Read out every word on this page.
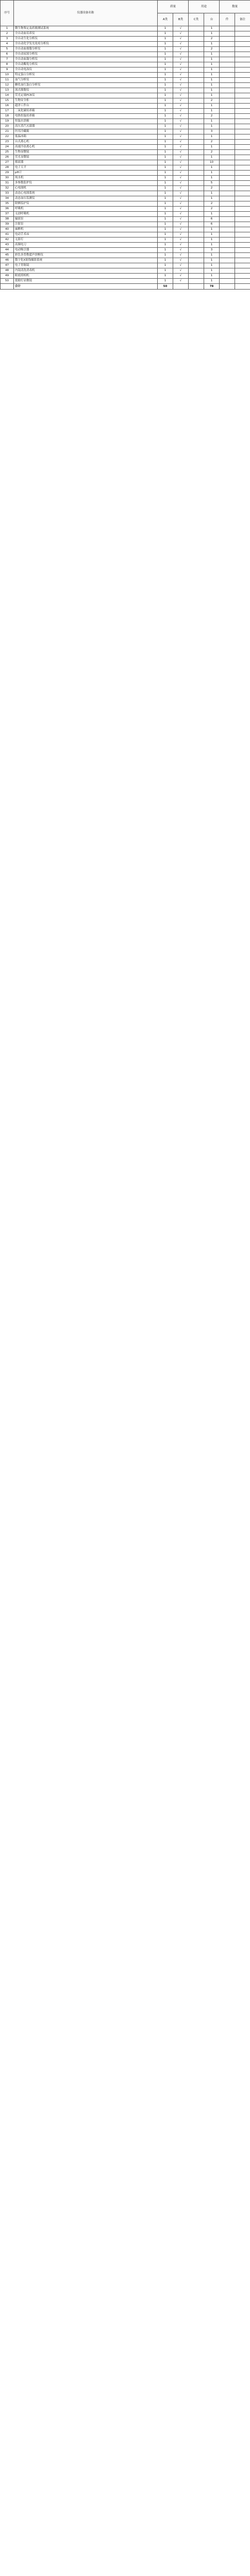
序号	仪器设备名称	质量		用途		数量	
		A类	B类	C类	台	件	备注
1	微生物鉴定及药敏测试系统	1	√		1		
2	全自动血培养仪	1	√		1		
3	全自动生化分析仪	1	√		2		
4	全自动化学发光免疫分析仪	1	√		1		
5	全自动血细胞分析仪	1	√		2		
6	全自动尿液分析仪	1	√		1		
7	全自动血凝分析仪	1	√		1		
8	全自动酶免分析仪	1	√		1		
9	全自动电泳仪	1	√		1		
10	特定蛋白分析仪	1	√		1		
11	血气分析仪	1	√		1		
12	糖化血红蛋白分析仪	1	√		1		
13	流式细胞仪	1	√		1		
14	荧光定量PCR仪	1	√		1		
15	生物安全柜	1	√		2		
16	超净工作台	1	√		1		
17	二氧化碳培养箱	1	√		1		
18	电热恒温培养箱	1	√		2		
19	恒温水浴箱	1	√		1		
20	高压蒸汽灭菌器	1	√		1		
21	医用冷藏箱	1	√		3		
22	低温冰箱	1	√		1		
23	台式离心机	1	√		2		
24	高速冷冻离心机	1	√		1		
25	生物显微镜	1	√		2		
26	荧光显微镜	1	√		1		
27	移液器	1	√		10		
28	电子天平	1	√		1		
29	pH计	1	√		1		
30	纯水机	1	√		1		
31	多参数监护仪	1	√		5		
32	心电图机	1	√		2		
33	动态心电图系统	1	√		1		
34	动态血压监测仪	1	√		1		
35	除颤监护仪	1	√		2		
36	呼吸机	1	√		2		
37	无创呼吸机	1	√		1		
38	输液泵	1	√		6		
39	注射泵	1	√		6		
40	麻醉机	1	√		1		
41	电动手术床	1	√		1		
42	无影灯	1	√		1		
43	高频电刀	1	√		1		
44	电动吸引器	1	√		3		
45	彩色多普勒超声诊断仪	1	√		1		
46	数字化X射线摄影系统	1	√		1		
47	电子胃肠镜	1	√		1		
48	内镜清洗消毒机	1	√		1		
49	眼底照相机	1	√		1		
50	裂隙灯显微镜	1	√		1		
	合计	50			78		
